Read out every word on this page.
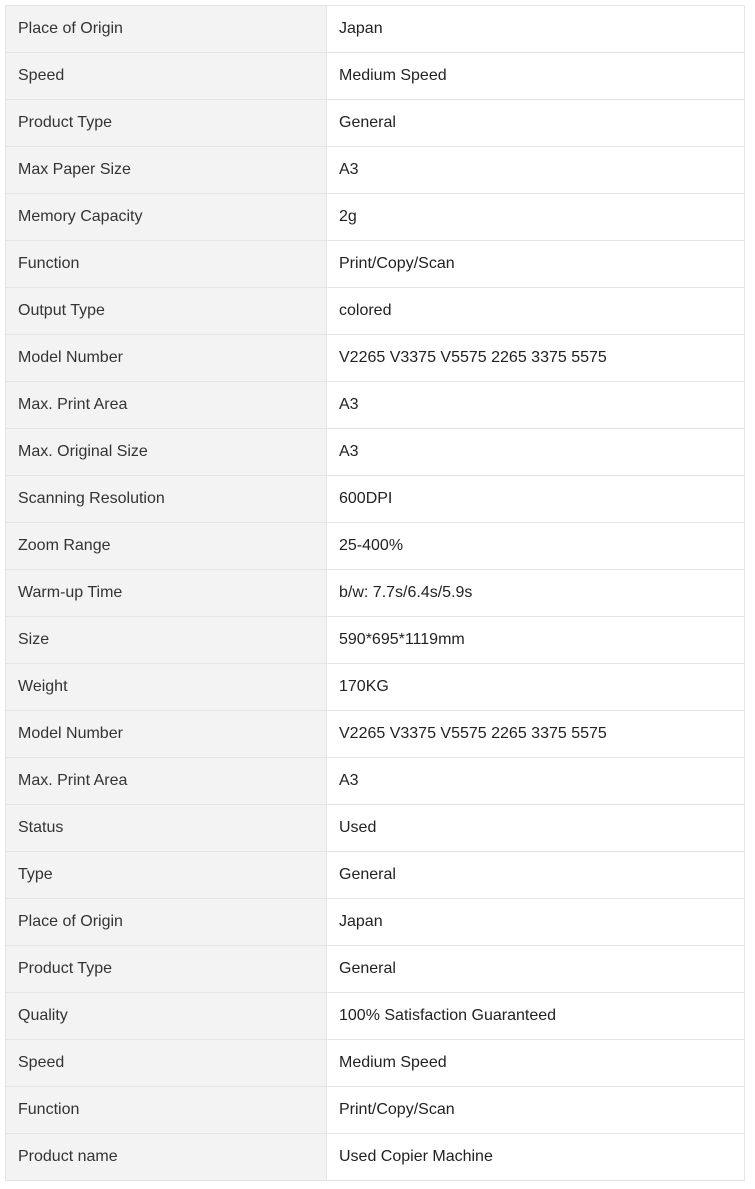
Place of Origin	Japan
Speed	Medium Speed
Product Type	General
Max Paper Size	A3
Memory Capacity	2g
Function	Print/Copy/Scan
Output Type	colored
Model Number	V2265 V3375 V5575 2265 3375 5575
Max. Print Area	A3
Max. Original Size	A3
Scanning Resolution	600DPI
Zoom Range	25-400%
Warm-up Time	b/w: 7.7s/6.4s/5.9s
Size	590*695*1119mm
Weight	170KG
Model Number	V2265 V3375 V5575 2265 3375 5575
Max. Print Area	A3
Status	Used
Type	General
Place of Origin	Japan
Product Type	General
Quality	100% Satisfaction Guaranteed
Speed	Medium Speed
Function	Print/Copy/Scan
Product name	Used Copier Machine
